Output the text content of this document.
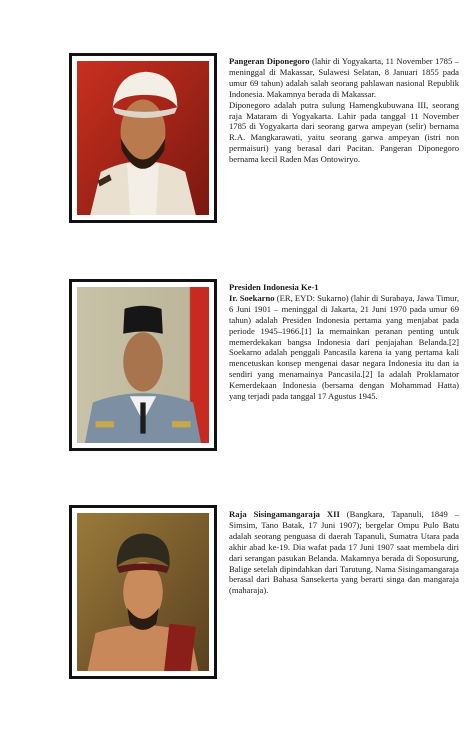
Pangeran Diponegoro (lahir di Yogyakarta, 11 November 1785 – meninggal di Makassar, Sulawesi Selatan, 8 Januari 1855 pada umur 69 tahun) adalah salah seorang pahlawan nasional Republik Indonesia. Makamnya berada di Makassar.

Diponegoro adalah putra sulung Hamengkubuwana III, seorang raja Mataram di Yogyakarta. Lahir pada tanggal 11 November 1785 di Yogyakarta dari seorang garwa ampeyan (selir) bernama R.A. Mangkarawati, yaitu seorang garwa ampeyan (istri non permaisuri) yang berasal dari Pacitan. Pangeran Diponegoro bernama kecil Raden Mas Ontowiryo.

Presiden Indonesia Ke-1

Ir. Soekarno (ER, EYD: Sukarno) (lahir di Surabaya, Jawa Timur, 6 Juni 1901 – meninggal di Jakarta, 21 Juni 1970 pada umur 69 tahun) adalah Presiden Indonesia pertama yang menjabat pada periode 1945–1966.[1] Ia memainkan peranan penting untuk memerdekakan bangsa Indonesia dari penjajahan Belanda.[2] Soekarno adalah penggali Pancasila karena ia yang pertama kali mencetuskan konsep mengenai dasar negara Indonesia itu dan ia sendiri yang menamainya Pancasila.[2] Ia adalah Proklamator Kemerdekaan Indonesia (bersama dengan Mohammad Hatta) yang terjadi pada tanggal 17 Agustus 1945.

Raja Sisingamangaraja XII (Bangkara, Tapanuli, 1849 – Simsim, Tano Batak, 17 Juni 1907); bergelar Ompu Pulo Batu adalah seorang penguasa di daerah Tapanuli, Sumatra Utara pada akhir abad ke-19. Dia wafat pada 17 Juni 1907 saat membela diri dari serangan pasukan Belanda. Makamnya berada di Soposurung, Balige setelah dipindahkan dari Tarutung. Nama Sisingamangaraja berasal dari Bahasa Sansekerta yang berarti singa dan mangaraja (maharaja).
